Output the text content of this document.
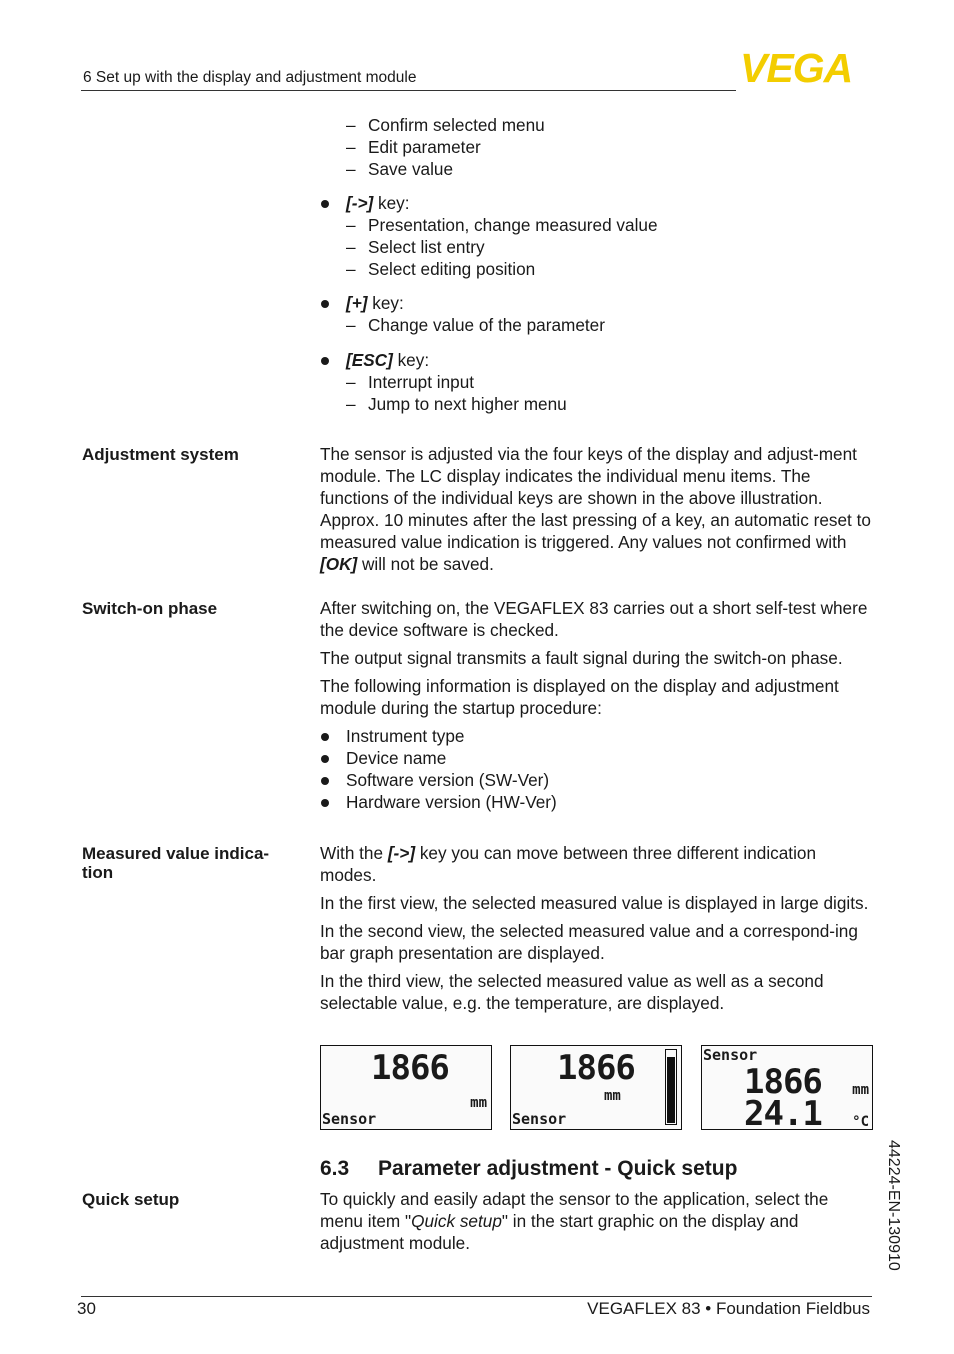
6 Set up with the display and adjustment module	VEGA
– Confirm selected menu
– Edit parameter
– Save value
[->] key:
– Presentation, change measured value
– Select list entry
– Select editing position
[+] key:
– Change value of the parameter
[ESC] key:
– Interrupt input
– Jump to next higher menu
Adjustment system	The sensor is adjusted via the four keys of the display and adjust-ment module. The LC display indicates the individual menu items. The functions of the individual keys are shown in the above illustration. Approx. 10 minutes after the last pressing of a key, an automatic reset to measured value indication is triggered. Any values not confirmed with [OK] will not be saved.

Switch-on phase	After switching on, the VEGAFLEX 83 carries out a short self-test where the device software is checked.

The output signal transmits a fault signal during the switch-on phase.

The following information is displayed on the display and adjustment module during the startup procedure:

Instrument type
Device name
Software version (SW-Ver)
Hardware version (HW-Ver)
Measured value indica-tion

With the [->] key you can move between three different indication modes.

In the first view, the selected measured value is displayed in large digits.

In the second view, the selected measured value and a correspond-ing bar graph presentation are displayed.

In the third view, the selected measured value as well as a second selectable value, e.g. the temperature, are displayed.

1866
mm
Sensor
1866
mm
Sensor
Sensor
1866 mm
24.1 °C
6.3 Parameter adjustment - Quick setup
Quick setup	To quickly and easily adapt the sensor to the application, select the menu item "Quick setup" in the start graphic on the display and adjustment module.	44224-EN-130910
30	VEGAFLEX 83 • Foundation Fieldbus
